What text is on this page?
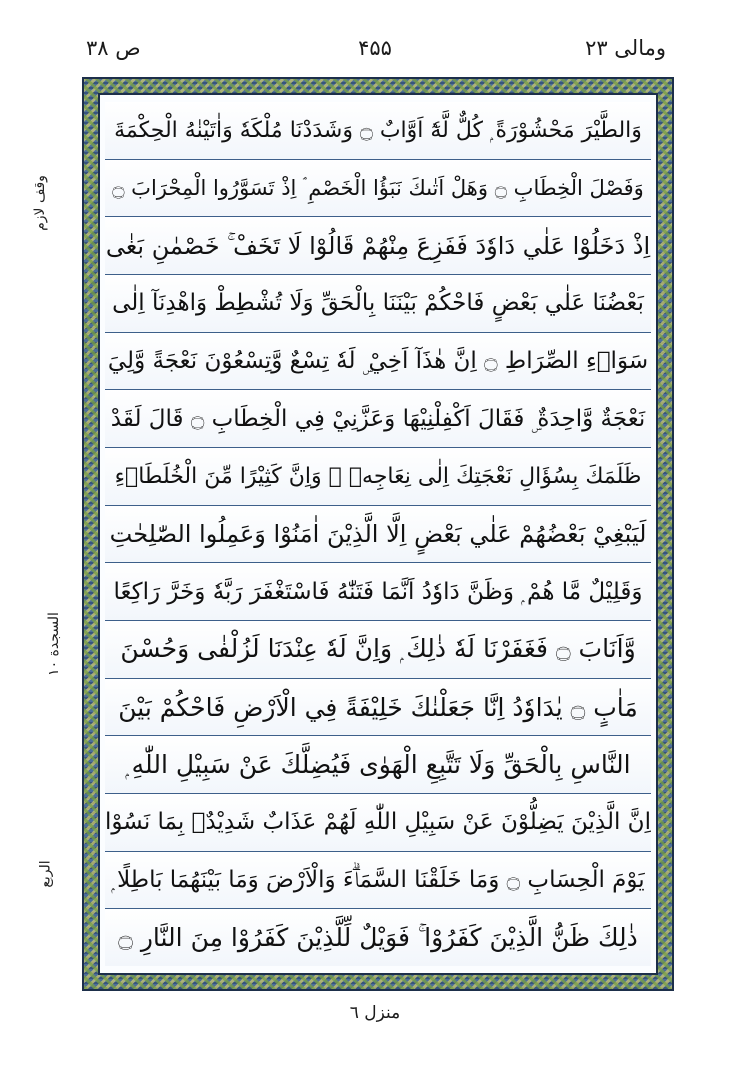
ص ۳۸	۴۵۵	ومالی ۲۳
وقف لازم
السجدة ۱۰
الربع
وَالطَّيْرَ مَحْشُوْرَةً ۭ كُلٌّ لَّهٗٓ اَوَّابٌ ۝ وَشَدَدْنَا مُلْكَهٗ وَاٰتَيْنٰهُ الْحِكْمَةَ
وَفَصْلَ الْخِطَابِ ۝ وَهَلْ اَتٰىكَ نَبَؤُا الْخَصْمِ ۘ اِذْ تَسَوَّرُوا الْمِحْرَابَ ۝
اِذْ دَخَلُوْا عَلٰي دَاوٗدَ فَفَزِعَ مِنْهُمْ قَالُوْا لَا تَخَفْ ۚ خَصْمٰنِ بَغٰى
بَعْضُنَا عَلٰي بَعْضٍ فَاحْكُمْ بَيْنَنَا بِالْحَقِّ وَلَا تُشْطِطْ وَاهْدِنَآ اِلٰى
سَوَاۗءِ الصِّرَاطِ ۝ اِنَّ هٰذَآ اَخِيْ ۣ لَهٗ تِسْعٌ وَّتِسْعُوْنَ نَعْجَةً وَّلِيَ
نَعْجَةٌ وَّاحِدَةٌ ۣ فَقَالَ اَكْفِلْنِيْهَا وَعَزَّنِيْ فِي الْخِطَابِ ۝ قَالَ لَقَدْ
ظَلَمَكَ بِسُؤَالِ نَعْجَتِكَ اِلٰى نِعَاجِهٖ ۭ وَاِنَّ كَثِيْرًا مِّنَ الْخُلَطَاۗءِ
لَيَبْغِيْ بَعْضُهُمْ عَلٰي بَعْضٍ اِلَّا الَّذِيْنَ اٰمَنُوْا وَعَمِلُوا الصّٰلِحٰتِ
وَقَلِيْلٌ مَّا هُمْ ۭ وَظَنَّ دَاوٗدُ اَنَّمَا فَتَنّٰهُ فَاسْتَغْفَرَ رَبَّهٗ وَخَرَّ رَاكِعًا
وَّاَنَابَ ۝ فَغَفَرْنَا لَهٗ ذٰلِكَ ۭ وَاِنَّ لَهٗ عِنْدَنَا لَزُلْفٰى وَحُسْنَ
مَاٰبٍ ۝ يٰدَاوٗدُ اِنَّا جَعَلْنٰكَ خَلِيْفَةً فِي الْاَرْضِ فَاحْكُمْ بَيْنَ
النَّاسِ بِالْحَقِّ وَلَا تَتَّبِعِ الْهَوٰى فَيُضِلَّكَ عَنْ سَبِيْلِ اللّٰهِ ۭ
اِنَّ الَّذِيْنَ يَضِلُّوْنَ عَنْ سَبِيْلِ اللّٰهِ لَهُمْ عَذَابٌ شَدِيْدٌۢ بِمَا نَسُوْا
يَوْمَ الْحِسَابِ ۝ وَمَا خَلَقْنَا السَّمَاۗءَ وَالْاَرْضَ وَمَا بَيْنَهُمَا بَاطِلًا ۭ
ذٰلِكَ ظَنُّ الَّذِيْنَ كَفَرُوْا ۚ فَوَيْلٌ لِّلَّذِيْنَ كَفَرُوْا مِنَ النَّارِ ۝
منزل ٦
